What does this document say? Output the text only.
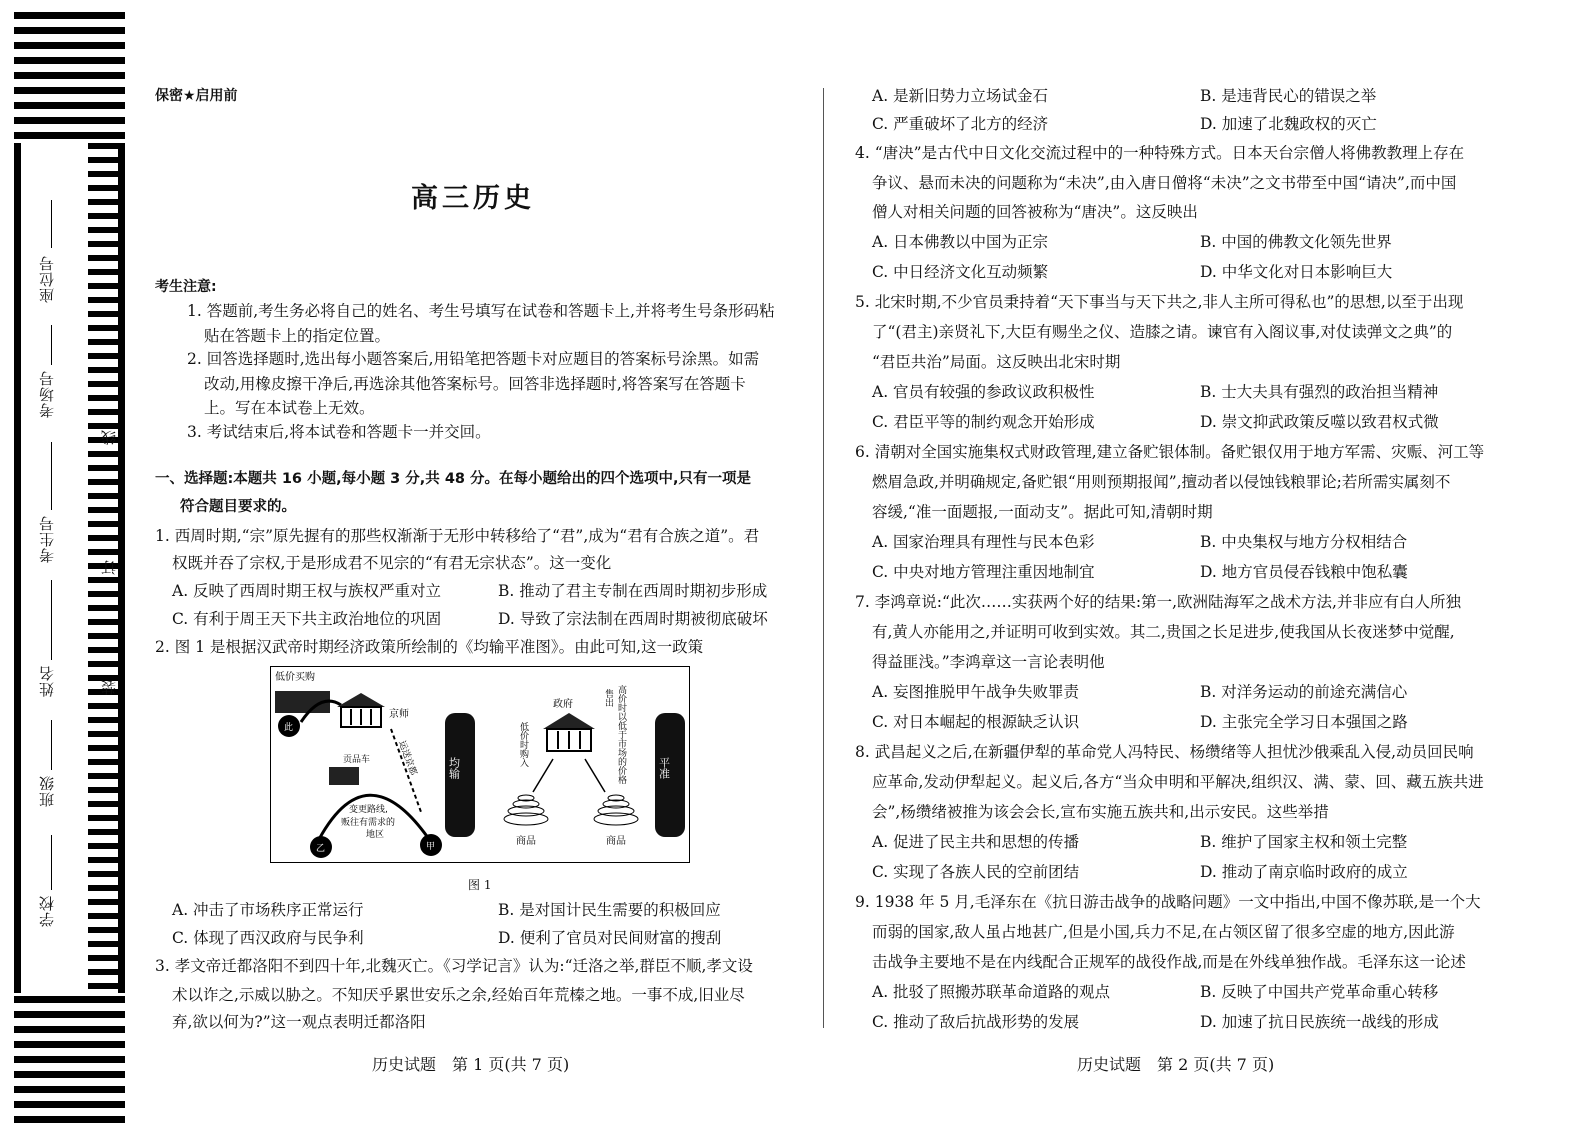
座位号
考场号
考生号
姓名
班级
学校
线
订
装
保密★启用前
高三历史
考生注意:
1. 答题前,考生务必将自己的姓名、考生号填写在试卷和答题卡上,并将考生号条形码粘
贴在答题卡上的指定位置。
2. 回答选择题时,选出每小题答案后,用铅笔把答题卡对应题目的答案标号涂黑。如需
改动,用橡皮擦干净后,再选涂其他答案标号。回答非选择题时,将答案写在答题卡
上。写在本试卷上无效。
3. 考试结束后,将本试卷和答题卡一并交回。
一、选择题:本题共 16 小题,每小题 3 分,共 48 分。在每小题给出的四个选项中,只有一项是
符合题目要求的。
1. 西周时期,“宗”原先握有的那些权渐渐于无形中转移给了“君”,成为“君有合族之道”。君
权既并吞了宗权,于是形成君不见宗的“有君无宗状态”。这一变化
A. 反映了西周时期王权与族权严重对立	B. 推动了君主专制在西周时期初步形成
C. 有利于周王天下共主政治地位的巩固	D. 导致了宗法制在西周时期被彻底破坏
2. 图 1 是根据汉武帝时期经济政策所绘制的《均输平准图》。由此可知,这一政策
低价买购
此
京师
运送京都
贡品车
变更路线,
贩往有需求的
地区
乙	甲
均输
政府
低价时购入	高价时以低于市场的价格
售出
商品	商品
平准
图 1
A. 冲击了市场秩序正常运行	B. 是对国计民生需要的积极回应
C. 体现了西汉政府与民争利	D. 便利了官员对民间财富的搜刮
3. 孝文帝迁都洛阳不到四十年,北魏灭亡。《习学记言》认为:“迁洛之举,群臣不顺,孝文设
术以诈之,示威以胁之。不知厌乎累世安乐之余,经始百年荒榛之地。一事不成,旧业尽
弃,欲以何为?”这一观点表明迁都洛阳
历史试题　第 1 页(共 7 页)
A. 是新旧势力立场试金石	B. 是违背民心的错误之举
C. 严重破坏了北方的经济	D. 加速了北魏政权的灭亡
4. “唐决”是古代中日文化交流过程中的一种特殊方式。日本天台宗僧人将佛教教理上存在
争议、悬而未决的问题称为“未决”,由入唐日僧将“未决”之文书带至中国“请决”,而中国
僧人对相关问题的回答被称为“唐决”。这反映出
A. 日本佛教以中国为正宗	B. 中国的佛教文化领先世界
C. 中日经济文化互动频繁	D. 中华文化对日本影响巨大
5. 北宋时期,不少官员秉持着“天下事当与天下共之,非人主所可得私也”的思想,以至于出现
了“(君主)亲贤礼下,大臣有赐坐之仪、造膝之请。谏官有入阁议事,对仗读弹文之典”的
“君臣共治”局面。这反映出北宋时期
A. 官员有较强的参政议政积极性	B. 士大夫具有强烈的政治担当精神
C. 君臣平等的制约观念开始形成	D. 崇文抑武政策反噬以致君权式微
6. 清朝对全国实施集权式财政管理,建立备贮银体制。备贮银仅用于地方军需、灾赈、河工等
燃眉急政,并明确规定,备贮银“用则预期报闻”,擅动者以侵蚀钱粮罪论;若所需实属刻不
容缓,“准一面题报,一面动支”。据此可知,清朝时期
A. 国家治理具有理性与民本色彩	B. 中央集权与地方分权相结合
C. 中央对地方管理注重因地制宜	D. 地方官员侵吞钱粮中饱私囊
7. 李鸿章说:“此次……实获两个好的结果:第一,欧洲陆海军之战术方法,并非应有白人所独
有,黄人亦能用之,并证明可收到实效。其二,贵国之长足进步,使我国从长夜迷梦中觉醒,
得益匪浅。”李鸿章这一言论表明他
A. 妄图推脱甲午战争失败罪责	B. 对洋务运动的前途充满信心
C. 对日本崛起的根源缺乏认识	D. 主张完全学习日本强国之路
8. 武昌起义之后,在新疆伊犁的革命党人冯特民、杨缵绪等人担忧沙俄乘乱入侵,动员回民响
应革命,发动伊犁起义。起义后,各方“当众申明和平解决,组织汉、满、蒙、回、藏五族共进
会”,杨缵绪被推为该会会长,宣布实施五族共和,出示安民。这些举措
A. 促进了民主共和思想的传播	B. 维护了国家主权和领土完整
C. 实现了各族人民的空前团结	D. 推动了南京临时政府的成立
9. 1938 年 5 月,毛泽东在《抗日游击战争的战略问题》一文中指出,中国不像苏联,是一个大
而弱的国家,敌人虽占地甚广,但是小国,兵力不足,在占领区留了很多空虚的地方,因此游
击战争主要地不是在内线配合正规军的战役作战,而是在外线单独作战。毛泽东这一论述
A. 批驳了照搬苏联革命道路的观点	B. 反映了中国共产党革命重心转移
C. 推动了敌后抗战形势的发展	D. 加速了抗日民族统一战线的形成
历史试题　第 2 页(共 7 页)
